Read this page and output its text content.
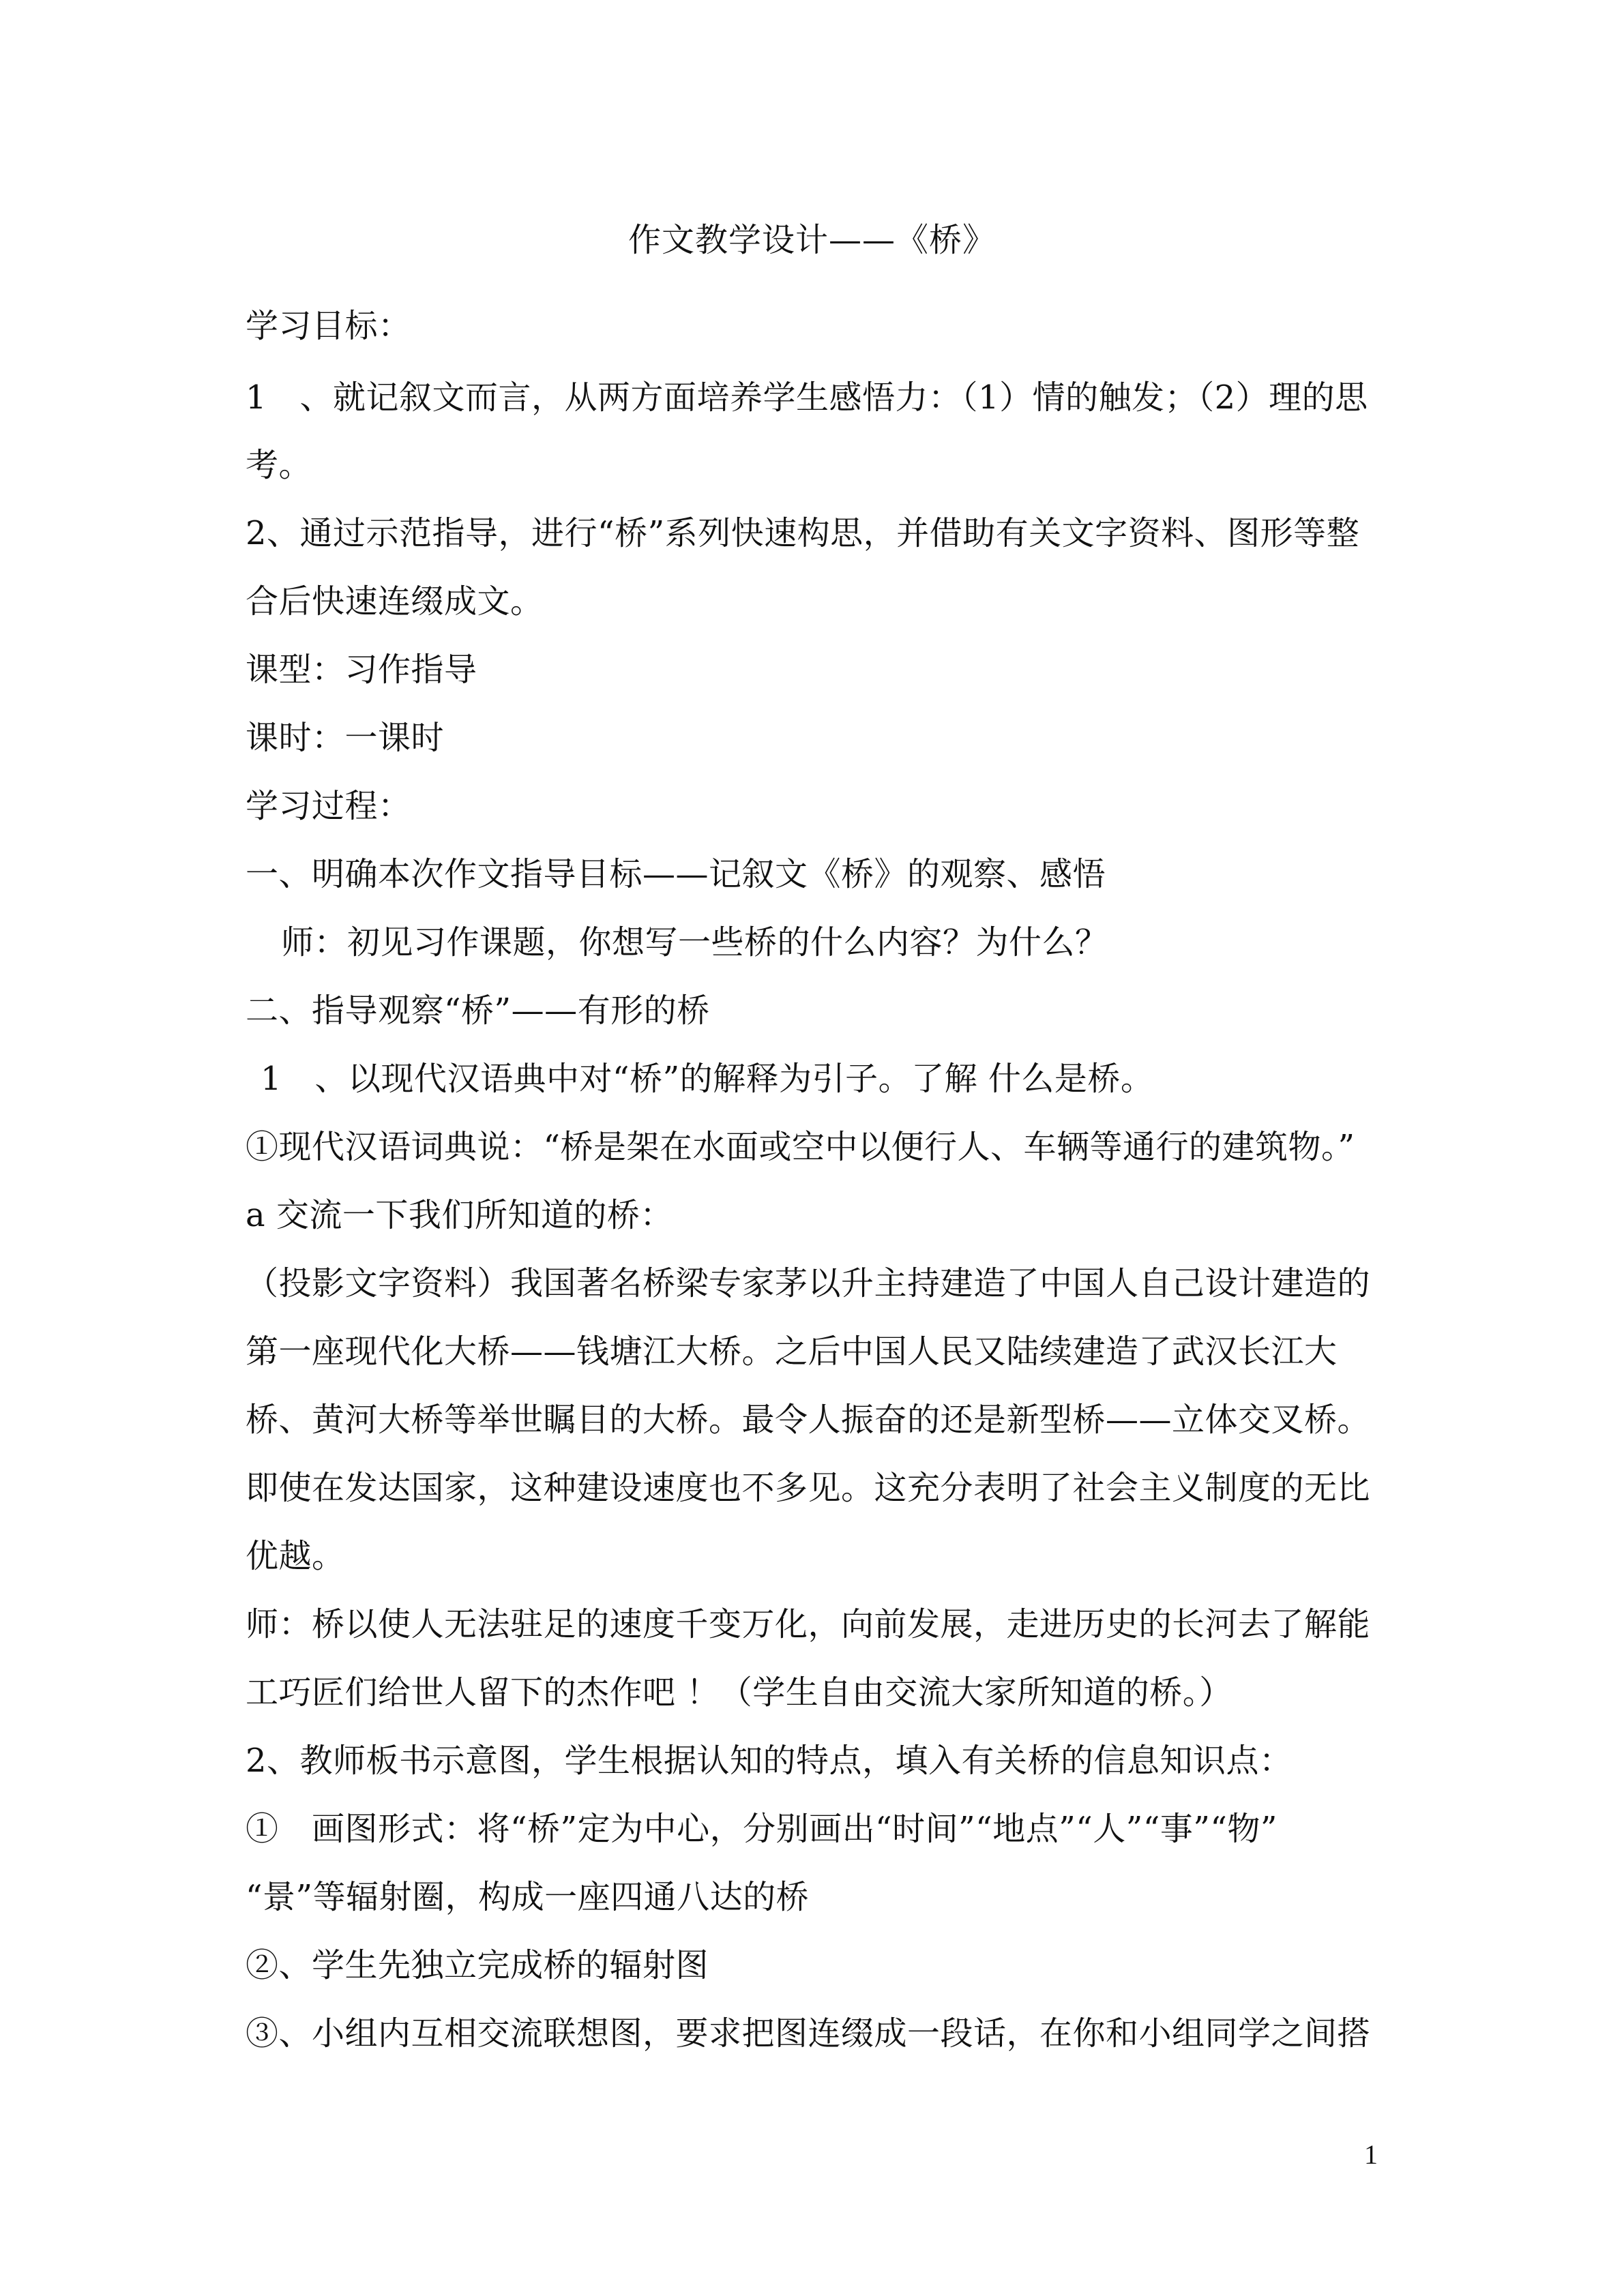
作文教学设计——《桥》
学习目标：
1　、就记叙文而言，从两方面培养学生感悟力：（1）情的触发；（2）理的思
考。
2、通过示范指导，进行“桥”系列快速构思，并借助有关文字资料、图形等整
合后快速连缀成文。
课型：习作指导
课时：一课时
学习过程：
一、明确本次作文指导目标——记叙文《桥》的观察、感悟
师：初见习作课题，你想写一些桥的什么内容？为什么？
二、指导观察“桥”——有形的桥
1　、以现代汉语典中对“桥”的解释为引子。了解 什么是桥。
①现代汉语词典说：“桥是架在水面或空中以便行人、车辆等通行的建筑物。”
a 交流一下我们所知道的桥：
（投影文字资料）我国著名桥梁专家茅以升主持建造了中国人自己设计建造的
第一座现代化大桥——钱塘江大桥。之后中国人民又陆续建造了武汉长江大
桥、黄河大桥等举世瞩目的大桥。最令人振奋的还是新型桥——立体交叉桥。
即使在发达国家，这种建设速度也不多见。这充分表明了社会主义制度的无比
优越。
师：桥以使人无法驻足的速度千变万化，向前发展，走进历史的长河去了解能
工巧匠们给世人留下的杰作吧 ！（学生自由交流大家所知道的桥。）
2、教师板书示意图，学生根据认知的特点，填入有关桥的信息知识点：
①　画图形式：将“桥”定为中心，分别画出“时间”“地点”“人”“事”“物”
“景”等辐射圈，构成一座四通八达的桥
②、学生先独立完成桥的辐射图
③、小组内互相交流联想图，要求把图连缀成一段话，在你和小组同学之间搭
1
